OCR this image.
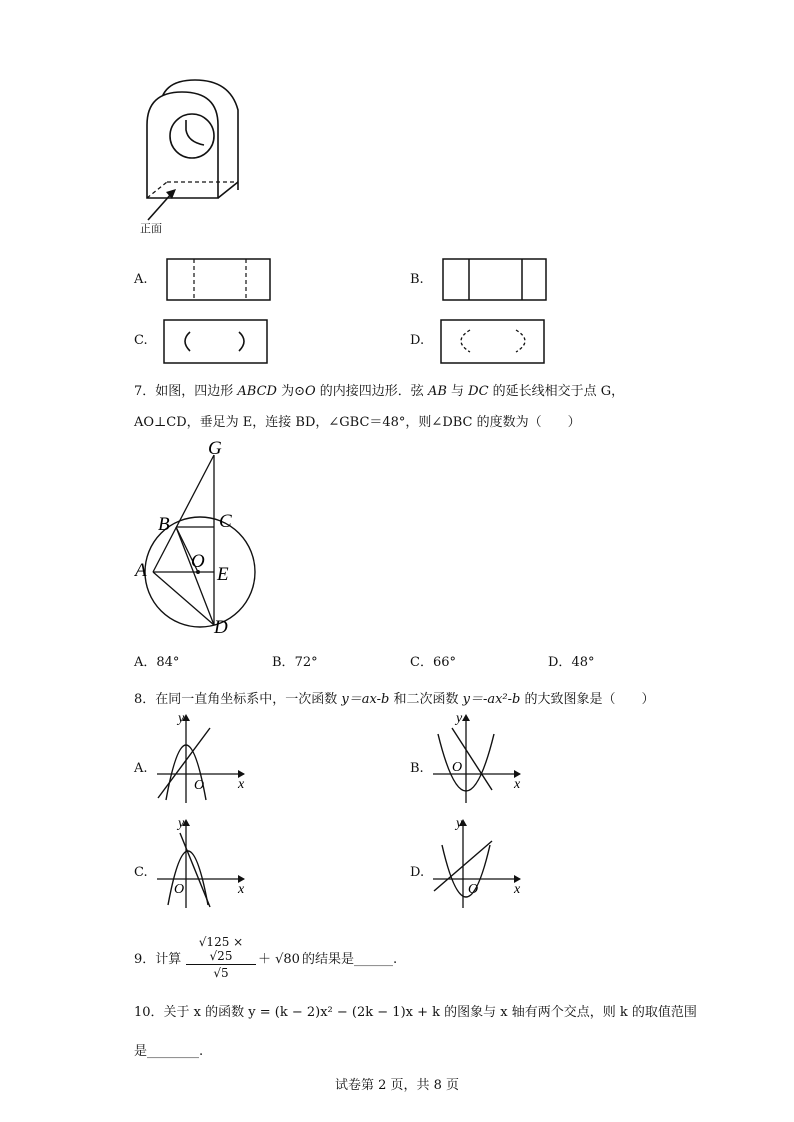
正面
A.	B.
C.	D.
7．如图，四边形 ABCD 为⊙O 的内接四边形．弦 AB 与 DC 的延长线相交于点 G，
AO⊥CD，垂足为 E，连接 BD，∠GBC＝48°，则∠DBC 的度数为（　　）
G
B	C
A O
E
D
A．84°	B．72°	C．66°	D．48°
8．在同一直角坐标系中，一次函数 y＝ax-b 和二次函数 y＝-ax²-b 的大致图象是（　　）
A.
y
x
O
B.
y
x
O
C.
y
x
O
D.
y
x
O
9．计算 $\frac{√125 \times √25}{√5} + √80$ 的结果是______.
10．关于 x 的函数 y = (k − 2)x² − (2k − 1)x + k 的图象与 x 轴有两个交点，则 k 的取值范围
是________.
试卷第 2 页，共 8 页
